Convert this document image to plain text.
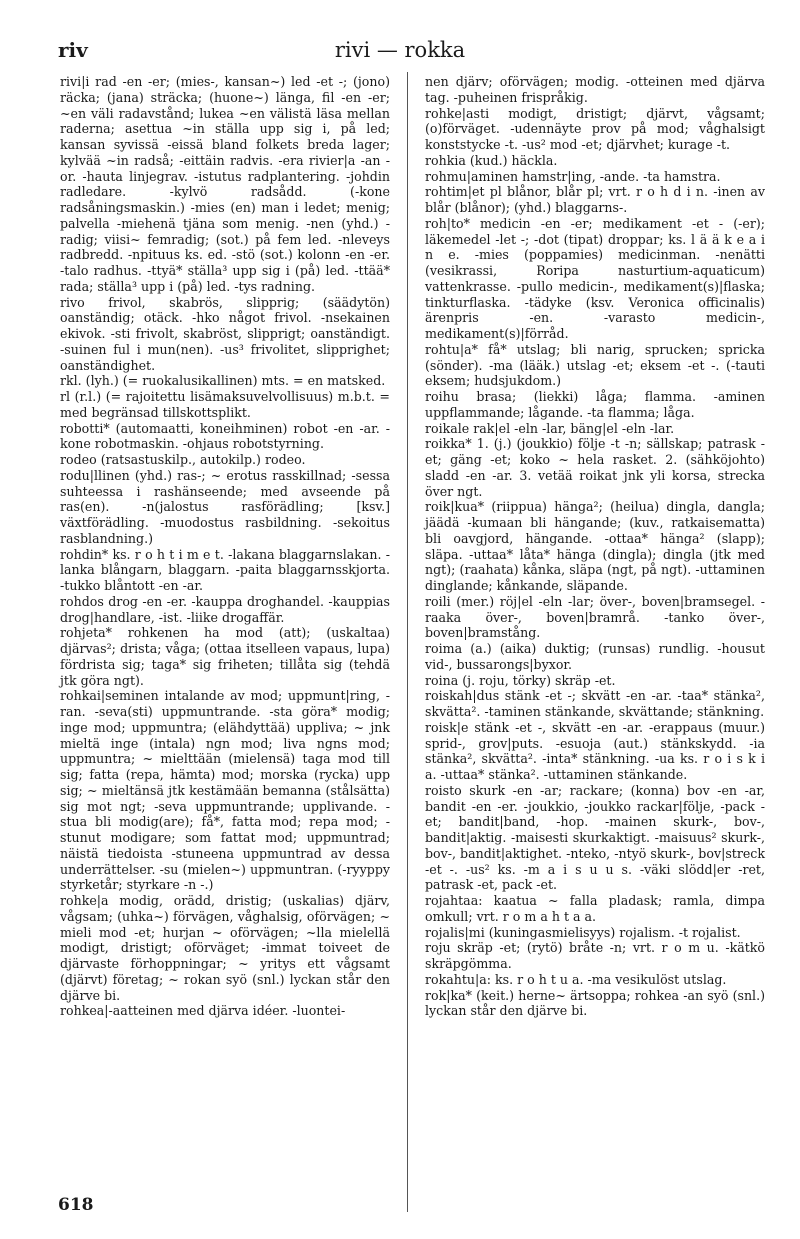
riv	rivi — rokka

rivi|i rad -en -er; (mies-, kansan~) led -et -; (jono) räcka; (jana) sträcka; (huone~) länga, fil -en -er; ~en väli radavstånd; lukea ~en välistä läsa mellan raderna; asettua ~in ställa upp sig i, på led; kansan syvissä -eissä bland folkets breda lager; kylvää ~in radså; -eittäin radvis. -era rivier|a -an -or. -hauta linjegrav. -istutus radplantering. -johdin radledare. -kylvö radsådd. (-kone radsåningsmaskin.) -mies (en) man i ledet; menig; palvella -miehenä tjäna som menig. -nen (yhd.) -radig; viisi~ femradig; (sot.) på fem led. -nleveys radbredd. -npituus ks. ed. -stö (sot.) kolonn -en -er. -talo radhus. -ttyä* ställa³ upp sig i (på) led. -ttää* rada; ställa³ upp i (på) led. -tys radning.

rivo frivol, skabrös, slipprig; (säädytön) oanständig; otäck. -hko något frivol. -nsekainen ekivok. -sti frivolt, skabröst, slipprigt; oanständigt. -suinen ful i mun(nen). -us³ frivolitet, slipprighet; oanständighet.

rkl. (lyh.) (= ruokalusikallinen) mts. = en matsked.

rl (r.l.) (= rajoitettu lisämaksuvelvollisuus) m.b.t. = med begränsad tillskottsplikt.

robotti* (automaatti, koneihminen) robot -en -ar. -kone robotmaskin. -ohjaus robotstyrning.

rodeo (ratsastuskilp., autokilp.) rodeo.

rodu|llinen (yhd.) ras-; ~ erotus rasskillnad; -sessa suhteessa i rashänseende; med avseende på ras(en). -n(jalostus rasförädling; [ksv.] växtförädling. -muodostus rasbildning. -sekoitus rasblandning.)

rohdin* ks. r o h t i m e t. -lakana blaggarnslakan. -lanka blångarn, blaggarn. -paita blaggarnsskjorta. -tukko blåntott -en -ar.

rohdos drog -en -er. -kauppa droghandel. -kauppias drog|handlare, -ist. -liike drogaffär.

rohjeta* rohkenen ha mod (att); (uskaltaa) djärvas²; drista; våga; (ottaa itselleen vapaus, lupa) fördrista sig; taga* sig friheten; tillåta sig (tehdä jtk göra ngt).

rohkai|seminen intalande av mod; uppmunt|ring, -ran. -seva(sti) uppmuntrande. -sta göra* modig; inge mod; uppmuntra; (elähdyttää) uppliva; ~ jnk mieltä inge (intala) ngn mod; liva ngns mod; uppmuntra; ~ mielttään (mielensä) taga mod till sig; fatta (repa, hämta) mod; morska (rycka) upp sig; ~ mieltänsä jtk kestämään bemanna (stålsätta) sig mot ngt; -seva uppmuntrande; upplivande. -stua bli modig(are); få*, fatta mod; repa mod; -stunut modigare; som fattat mod; uppmuntrad; näistä tiedoista -stuneena uppmuntrad av dessa underrättelser. -su (mielen~) uppmuntran. (-ryyppy styrketår; styrkare -n -.)

rohke|a modig, orädd, dristig; (uskalias) djärv, vågsam; (uhka~) förvägen, våghalsig, oförvägen; ~ mieli mod -et; hurjan ~ oförvägen; ~lla mielellä modigt, dristigt; oförväget; -immat toiveet de djärvaste förhoppningar; ~ yritys ett vågsamt (djärvt) företag; ~ rokan syö (snl.) lyckan står den djärve bi.

rohkea|-aatteinen med djärva idéer. -luontei-

nen djärv; oförvägen; modig. -otteinen med djärva tag. -puheinen frispråkig.

rohke|asti modigt, dristigt; djärvt, vågsamt; (o)förväget. -udennäyte prov på mod; våghalsigt konststycke -t. -us² mod -et; djärvhet; kurage -t.

rohkia (kud.) häckla.

rohmu|aminen hamstr|ing, -ande. -ta hamstra.

rohtim|et pl blånor, blår pl; vrt. r o h d i n. -inen av blår (blånor); (yhd.) blaggarns-.

roh|to* medicin -en -er; medikament -et - (-er); läkemedel -let -; -dot (tipat) droppar; ks. l ä ä k e a i n e. -mies (poppamies) medicinman. -nenätti (vesikrassi, Roripa nasturtium-aquaticum) vattenkrasse. -pullo medicin-, medikament(s)|flaska; tinkturflaska. -tädyke (ksv. Veronica officinalis) ärenpris -en. -varasto medicin-, medikament(s)|förråd.

rohtu|a* få* utslag; bli narig, sprucken; spricka (sönder). -ma (lääk.) utslag -et; eksem -et -. (-tauti eksem; hudsjukdom.)

roihu brasa; (liekki) låga; flamma. -aminen uppflammande; lågande. -ta flamma; låga.

roikale rak|el -eln -lar, bäng|el -eln -lar.

roikka* 1. (j.) (joukkio) följe -t -n; sällskap; patrask -et; gäng -et; koko ~ hela rasket. 2. (sähköjohto) sladd -en -ar. 3. vetää roikat jnk yli korsa, strecka över ngt.

roik|kua* (riippua) hänga²; (heilua) dingla, dangla; jäädä -kumaan bli hängande; (kuv., ratkaisematta) bli oavgjord, hängande. -ottaa* hänga² (slapp); släpa. -uttaa* låta* hänga (dingla); dingla (jtk med ngt); (raahata) kånka, släpa (ngt, på ngt). -uttaminen dinglande; kånkande, släpande.

roili (mer.) röj|el -eln -lar; över-, boven|bramsegel. -raaka över-, boven|bramrå. -tanko över-, boven|bramstång.

roima (a.) (aika) duktig; (runsas) rundlig. -housut vid-, bussarongs|byxor.

roina (j. roju, törky) skräp -et.

roiskah|dus stänk -et -; skvätt -en -ar. -taa* stänka², skvätta². -taminen stänkande, skvättande; stänkning.

roisk|e stänk -et -, skvätt -en -ar. -erappaus (muur.) sprid-, grov|puts. -esuoja (aut.) stänkskydd. -ia stänka², skvätta². -inta* stänkning. -ua ks. r o i s k i a. -uttaa* stänka². -uttaminen stänkande.

roisto skurk -en -ar; rackare; (konna) bov -en -ar, bandit -en -er. -joukkio, -joukko rackar|följe, -pack -et; bandit|band, -hop. -mainen skurk-, bov-, bandit|aktig. -maisesti skurkaktigt. -maisuus² skurk-, bov-, bandit|aktighet. -nteko, -ntyö skurk-, bov|streck -et -. -us² ks. -m a i s u u s. -väki slödd|er -ret, patrask -et, pack -et.

rojahtaa: kaatua ~ falla pladask; ramla, dimpa omkull; vrt. r o m a h t a a.

rojalis|mi (kuningasmielisyys) rojalism. -t rojalist.

roju skräp -et; (rytö) bråte -n; vrt. r o m u. -kätkö skräpgömma.

rokahtu|a: ks. r o h t u a. -ma vesikulöst utslag.

rok|ka* (keit.) herne~ ärtsoppa; rohkea -an syö (snl.) lyckan står den djärve bi.

618
